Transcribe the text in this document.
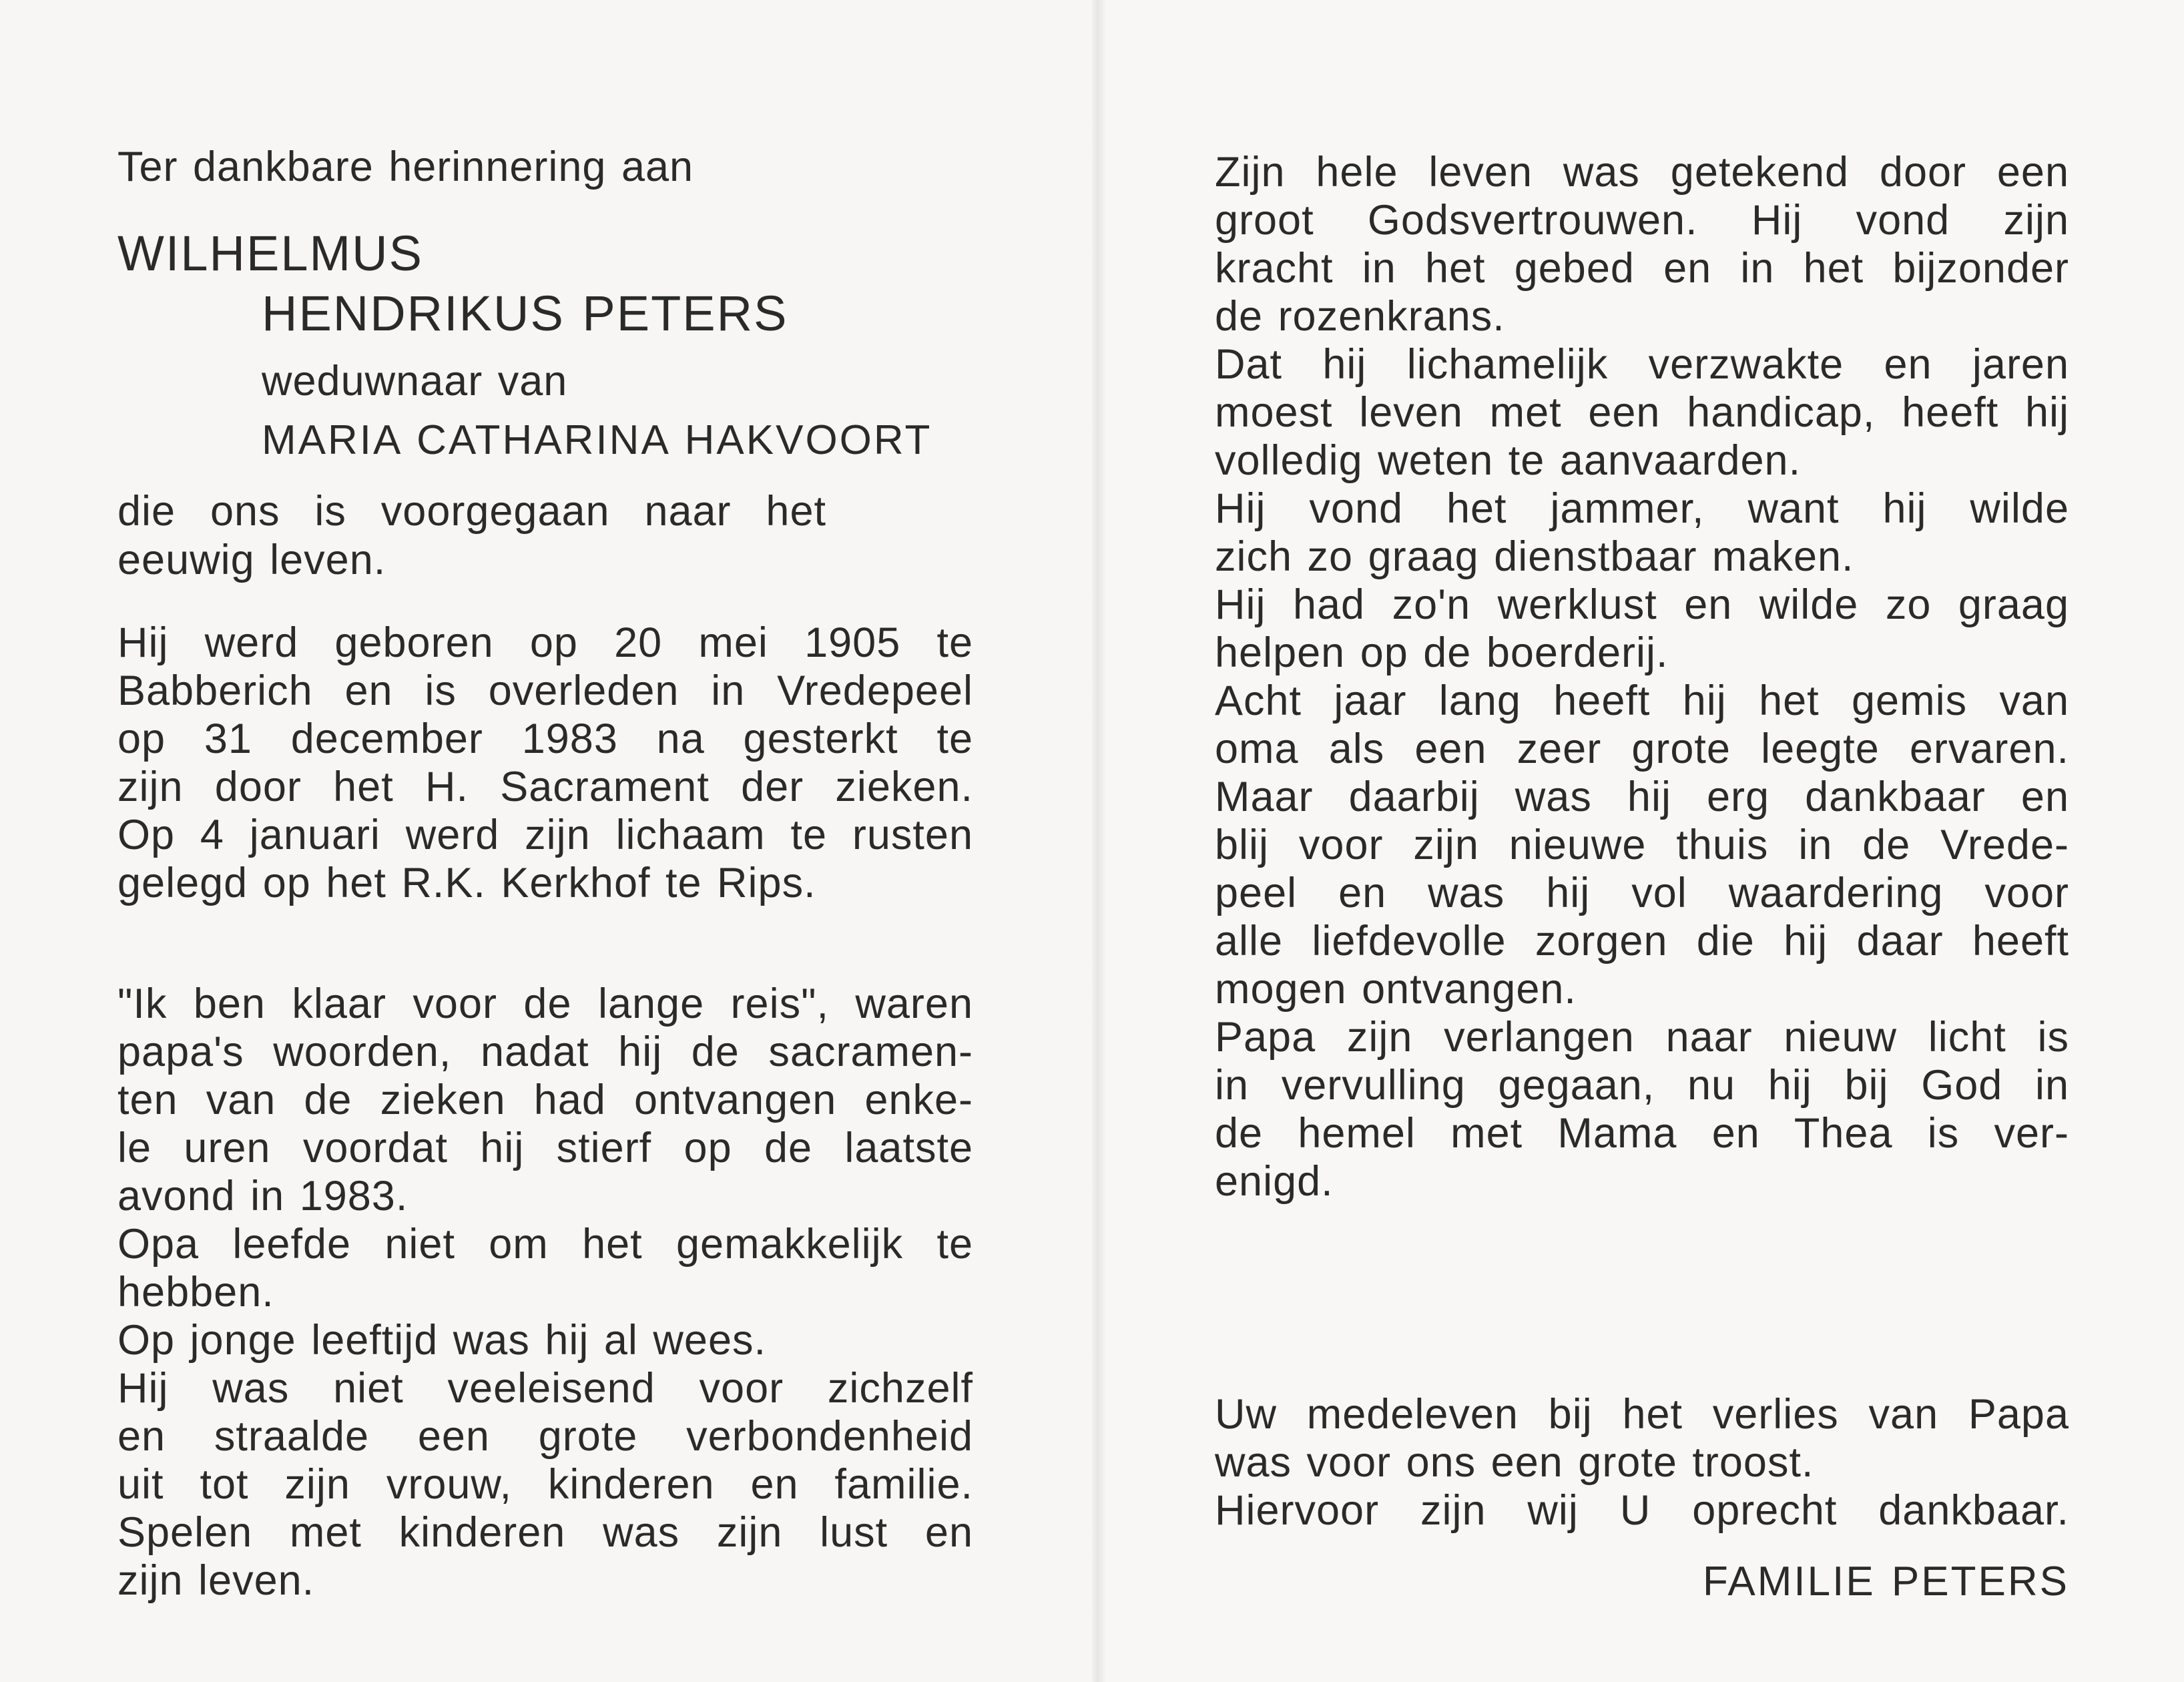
Ter dankbare herinnering aan
WILHELMUS
HENDRIKUS PETERS
weduwnaar van
MARIA CATHARINA HAKVOORT
die ons is voorgegaan naar het
eeuwig leven.
Hij werd geboren op 20 mei 1905 te
Babberich en is overleden in Vredepeel
op 31 december 1983 na gesterkt te
zijn door het H. Sacrament der zieken.
Op 4 januari werd zijn lichaam te rusten
gelegd op het R.K. Kerkhof te Rips.
"Ik ben klaar voor de lange reis", waren
papa's woorden, nadat hij de sacramen-
ten van de zieken had ontvangen enke-
le uren voordat hij stierf op de laatste
avond in 1983.
Opa leefde niet om het gemakkelijk te
hebben.
Op jonge leeftijd was hij al wees.
Hij was niet veeleisend voor zichzelf
en straalde een grote verbondenheid
uit tot zijn vrouw, kinderen en familie.
Spelen met kinderen was zijn lust en
zijn leven.
Zijn hele leven was getekend door een
groot Godsvertrouwen. Hij vond zijn
kracht in het gebed en in het bijzonder
de rozenkrans.
Dat hij lichamelijk verzwakte en jaren
moest leven met een handicap, heeft hij
volledig weten te aanvaarden.
Hij vond het jammer, want hij wilde
zich zo graag dienstbaar maken.
Hij had zo'n werklust en wilde zo graag
helpen op de boerderij.
Acht jaar lang heeft hij het gemis van
oma als een zeer grote leegte ervaren.
Maar daarbij was hij erg dankbaar en
blij voor zijn nieuwe thuis in de Vrede-
peel en was hij vol waardering voor
alle liefdevolle zorgen die hij daar heeft
mogen ontvangen.
Papa zijn verlangen naar nieuw licht is
in vervulling gegaan, nu hij bij God in
de hemel met Mama en Thea is ver-
enigd.
Uw medeleven bij het verlies van Papa
was voor ons een grote troost.
Hiervoor zijn wij U oprecht dankbaar.
FAMILIE PETERS
